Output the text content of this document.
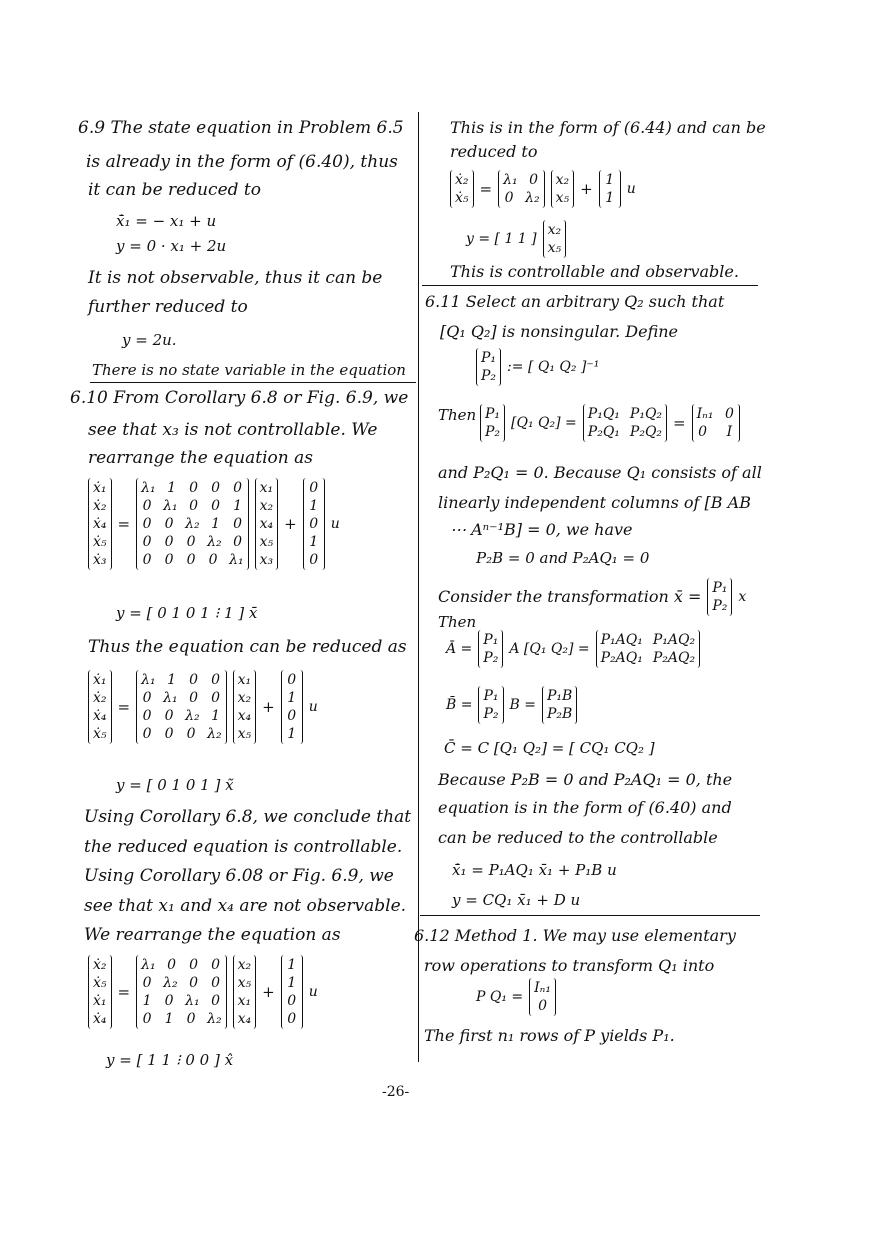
6.9 The state equation in Problem 6.5
is already in the form of (6.40), thus
it can be reduced to
x̄̇₁ = − x₁ + u
y = 0 · x₁ + 2u
It is not observable, thus it can be
further reduced to
y = 2u.
There is no state variable in the equation
6.10 From Corollary 6.8 or Fig. 6.9, we
see that x₃ is not controllable. We
rearrange the equation as
ẋ₁
ẋ₂
ẋ₄
ẋ₅
ẋ₃
=
λ₁ 1 0 0 0
0 λ₁ 0 0 1
0 0 λ₂ 1 0
0 0 0 λ₂ 0
0 0 0 0 λ₁
x₁
x₂
x₄
x₅
x₃
+
0
1
0
1
0
u
y = [ 0 1 0 1 ⁝ 1 ] x̄
Thus the equation can be reduced as
ẋ₁
ẋ₂
ẋ₄
ẋ₅
=
λ₁ 1 0 0
0 λ₁ 0 0
0 0 λ₂ 1
0 0 0 λ₂
x₁
x₂
x₄
x₅
+
0
1
0
1
u
y = [ 0 1 0 1 ] x̃
Using Corollary 6.8, we conclude that
the reduced equation is controllable.
Using Corollary 6.08 or Fig. 6.9, we
see that x₁ and x₄ are not observable.
We rearrange the equation as
ẋ₂
ẋ₅
ẋ₁
ẋ₄
=
λ₁ 0 0 0
0 λ₂ 0 0
1 0 λ₁ 0
0 1 0 λ₂
x₂
x₅
x₁
x₄
+
1
1
0
0
u
y = [ 1 1 ⁝ 0 0 ] x̂
This is in the form of (6.44) and can be
reduced to
ẋ₂
ẋ₅ = λ₁ 0
0 λ₂
x₂
x₅ + 1
1
u
y = [ 1 1 ]
x₂
x₅
This is controllable and observable.
6.11 Select an arbitrary Q₂ such that
[Q₁ Q₂] is nonsingular. Define
P₁
P₂
:= [ Q₁ Q₂ ]⁻¹
Then P₁
P₂
[Q₁ Q₂] =
P₁Q₁ P₁Q₂
P₂Q₁ P₂Q₂ = Iₙ₁ 0
0 I
and P₂Q₁ = 0. Because Q₁ consists of all
linearly independent columns of [B AB
⋯ Aⁿ⁻¹B] = 0, we have
P₂B = 0 and P₂AQ₁ = 0
Consider the transformation x̄ = P₁
P₂
x
Then
Ā =
P₁
P₂
A [Q₁ Q₂] =
P₁AQ₁ P₁AQ₂
P₂AQ₁ P₂AQ₂
B̄ =
P₁
P₂
B =
P₁B
P₂B
C̄ = C [Q₁ Q₂] = [ CQ₁ CQ₂ ]
Because P₂B = 0 and P₂AQ₁ = 0, the
equation is in the form of (6.40) and
can be reduced to the controllable
x̄̇₁ = P₁AQ₁ x̄₁ + P₁B u
y = CQ₁ x̄₁ + D u
6.12 Method 1. We may use elementary
row operations to transform Q₁ into
P Q₁ =
Iₙ₁
0
The first n₁ rows of P yields P₁.
-26-
